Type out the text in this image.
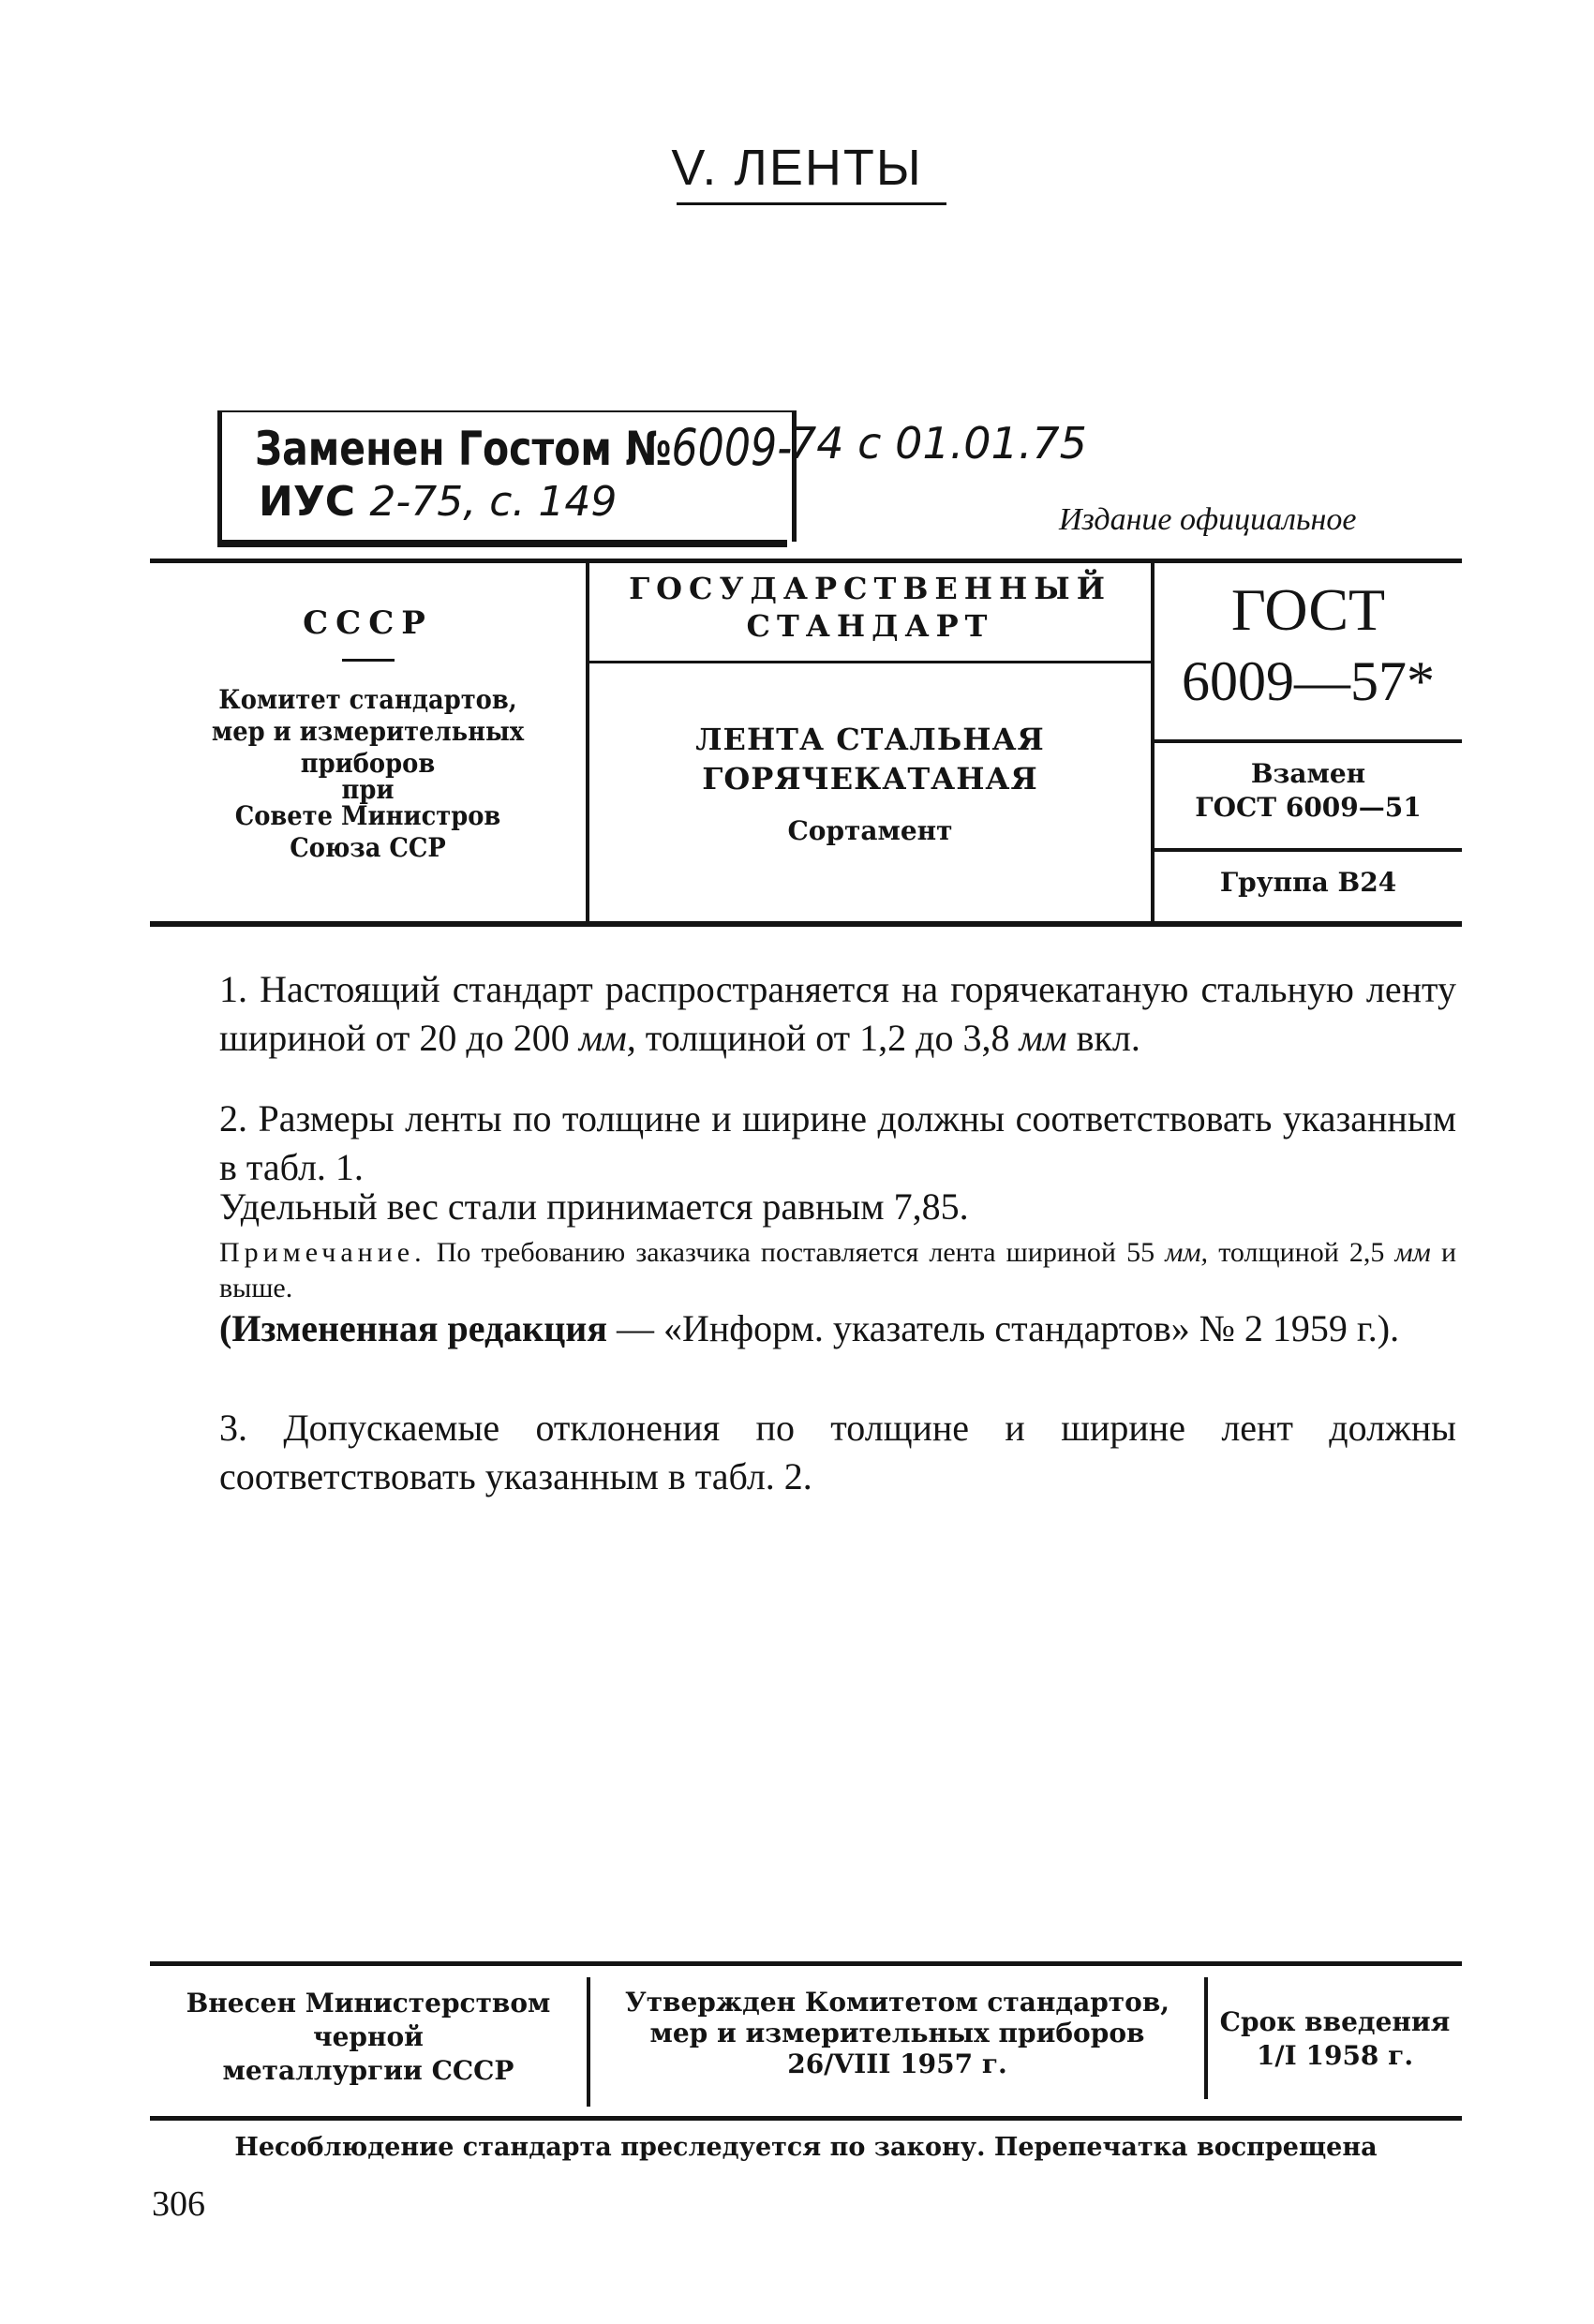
V. ЛЕНТЫ
Заменен Гостом №6009-
ИУС 2-75, с. 149
74 с 01.01.75
Издание официальное
СССР
Комитет стандартов,
мер и измерительных
приборов
при
Совете Министров
Союза ССР
ГОСУДАРСТВЕННЫЙ
СТАНДАРТ
ЛЕНТА СТАЛЬНАЯ
ГОРЯЧЕКАТАНАЯ
Сортамент
ГОСТ
6009—57*
Взамен
ГОСТ 6009—51
Группа В24
1. Настоящий стандарт распространяется на горячекатаную стальную ленту шириной от 20 до 200 мм, толщиной от 1,2 до 3,8 мм вкл.
2. Размеры ленты по толщине и ширине должны соответствовать указанным в табл. 1.
Удельный вес стали принимается равным 7,85.
Примечание. По требованию заказчика поставляется лента шириной 55 мм, толщиной 2,5 мм и выше.
(Измененная редакция — «Информ. указатель стандартов» № 2 1959 г.).
3. Допускаемые отклонения по толщине и ширине лент должны соответствовать указанным в табл. 2.
Внесен Министерством
черной
металлургии СССР
Утвержден Комитетом стандартов,
мер и измерительных приборов
26/VIII 1957 г.
Срок введения
1/I 1958 г.
Несоблюдение стандарта преследуется по закону. Перепечатка воспрещена
306
